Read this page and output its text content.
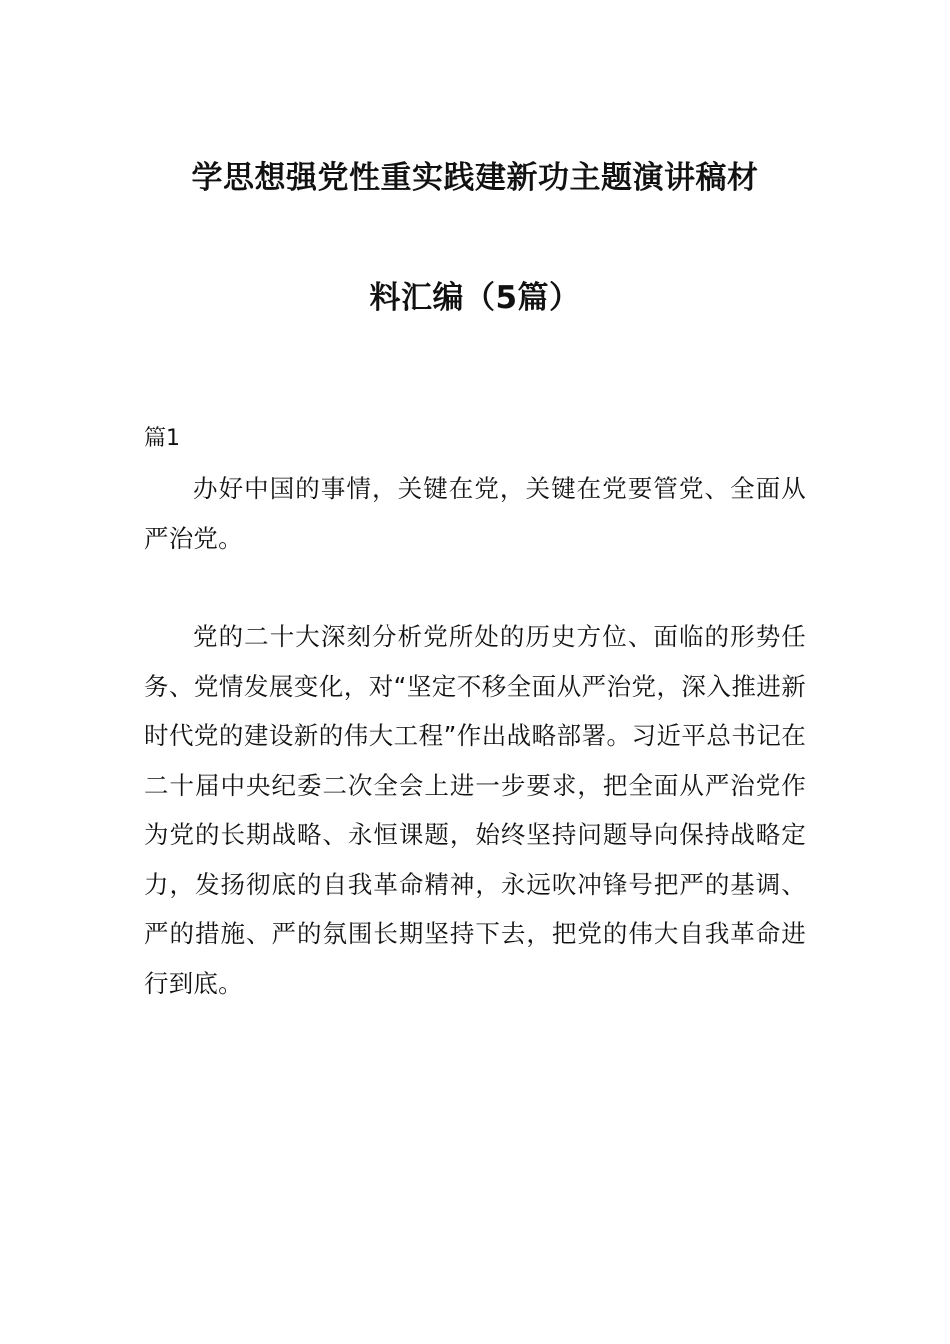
学思想强党性重实践建新功主题演讲稿材
料汇编（5篇）
篇1

办好中国的事情，关键在党，关键在党要管党、全面从严治党。

党的二十大深刻分析党所处的历史方位、面临的形势任务、党情发展变化，对“坚定不移全面从严治党，深入推进新时代党的建设新的伟大工程”作出战略部署。习近平总书记在二十届中央纪委二次全会上进一步要求，把全面从严治党作为党的长期战略、永恒课题，始终坚持问题导向保持战略定力，发扬彻底的自我革命精神，永远吹冲锋号把严的基调、严的措施、严的氛围长期坚持下去，把党的伟大自我革命进行到底。
